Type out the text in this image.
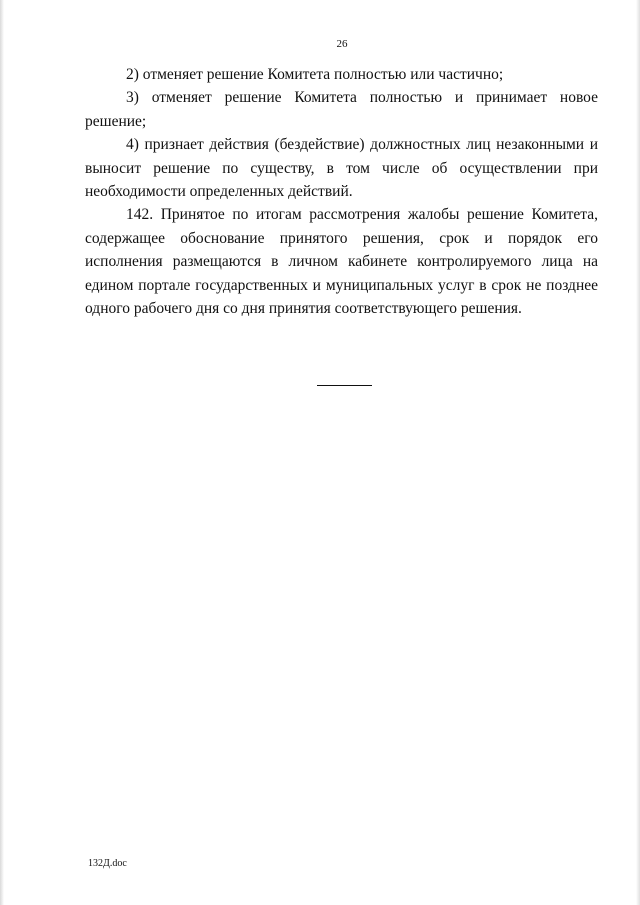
26

2) отменяет решение Комитета полностью или частично;

3) отменяет решение Комитета полностью и принимает новое решение;

4) признает действия (бездействие) должностных лиц незаконными и выносит решение по существу, в том числе об осуществлении при необходимости определенных действий.

142. Принятое по итогам рассмотрения жалобы решение Комитета, содержащее обоснование принятого решения, срок и порядок его исполнения размещаются в личном кабинете контролируемого лица на едином портале государственных и муниципальных услуг в срок не позднее одного рабочего дня со дня принятия соответствующего решения.

132Д.doc
